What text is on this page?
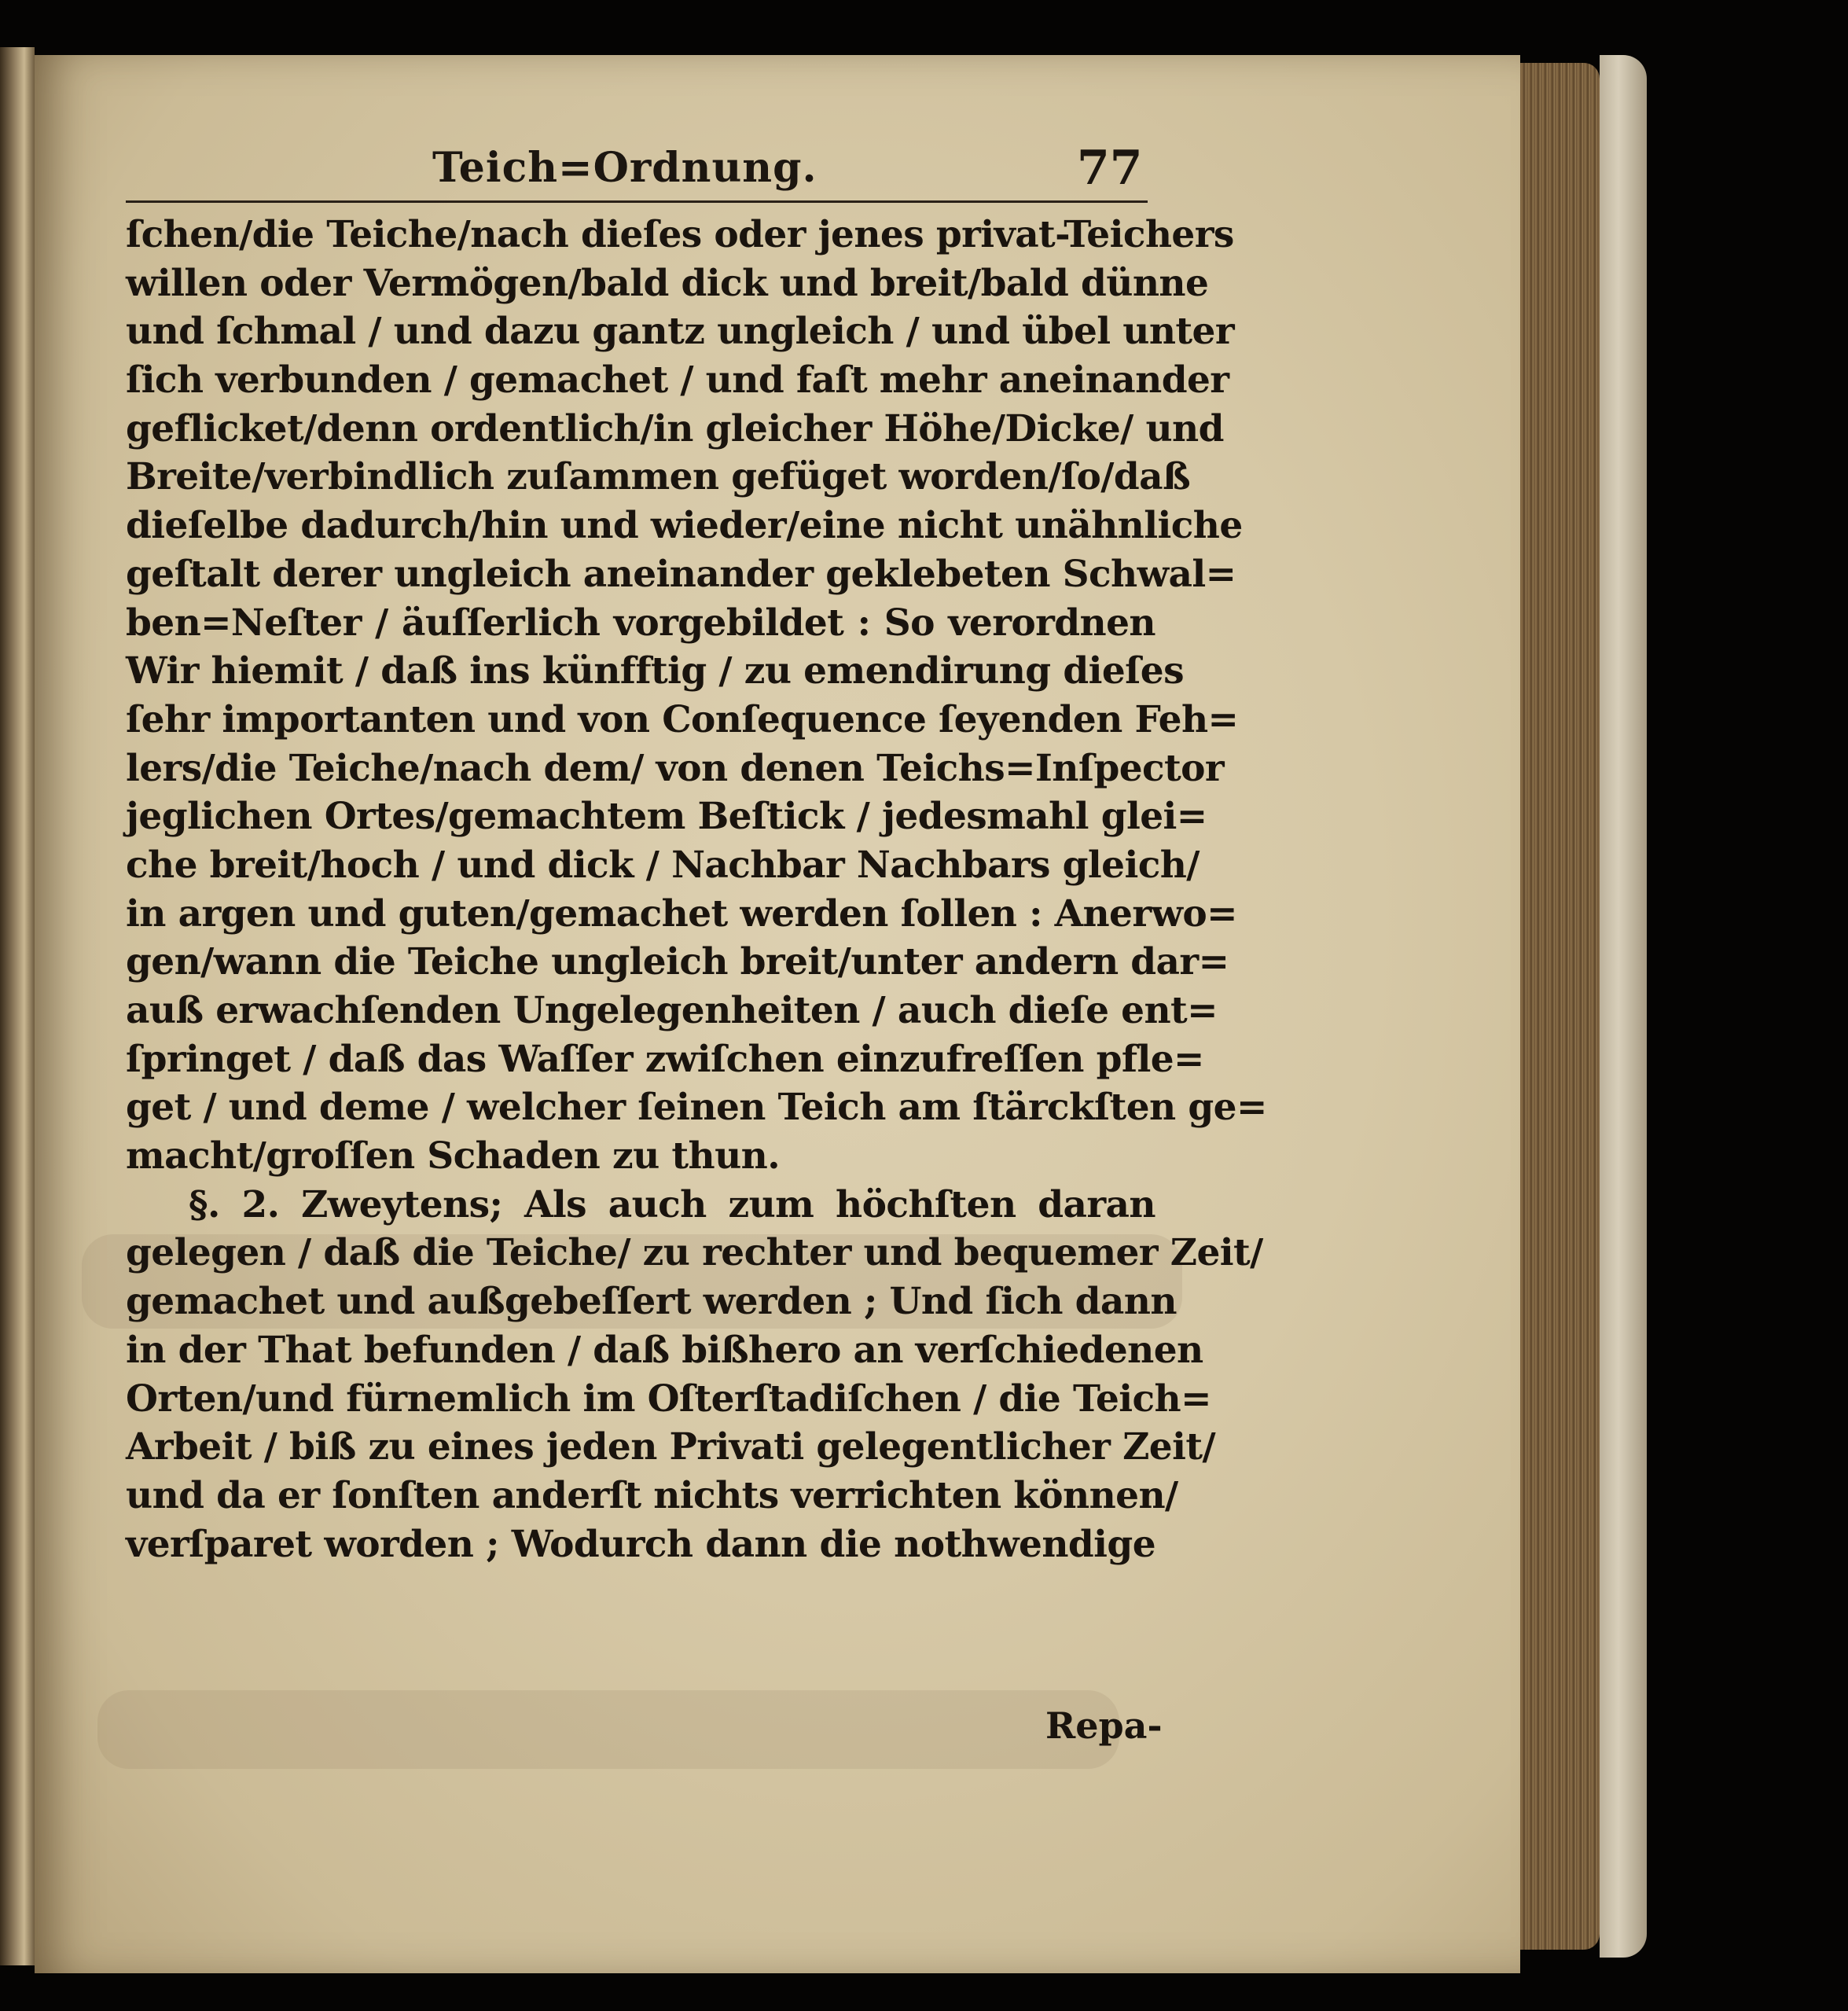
Teich=Ordnung.	77
ſchen/die Teiche/nach dieſes oder jenes privat-Teichers
willen oder Vermögen/bald dick und breit/bald dünne
und ſchmal / und dazu gantz ungleich / und übel unter
ſich verbunden / gemachet / und faſt mehr aneinander
geflicket/denn ordentlich/in gleicher Höhe/Dicke/ und
Breite/verbindlich zuſammen gefüget worden/ſo/daß
dieſelbe dadurch/hin und wieder/eine nicht unähnliche
geſtalt derer ungleich aneinander geklebeten Schwal=
ben=Neſter / äuſſerlich vorgebildet : So verordnen
Wir hiemit / daß ins künfftig / zu emendirung dieſes
ſehr importanten und von Conſequence ſeyenden Feh=
lers/die Teiche/nach dem/ von denen Teichs=Inſpector
jeglichen Ortes/gemachtem Beſtick / jedesmahl glei=
che breit/hoch / und dick / Nachbar Nachbars gleich/
in argen und guten/gemachet werden ſollen : Anerwo=
gen/wann die Teiche ungleich breit/unter andern dar=
auß erwachſenden Ungelegenheiten / auch dieſe ent=
ſpringet / daß das Waſſer zwiſchen einzufreſſen pfle=
get / und deme / welcher ſeinen Teich am ſtärckſten ge=
macht/groſſen Schaden zu thun.
§. 2. Zweytens; Als auch zum höchſten daran
gelegen / daß die Teiche/ zu rechter und bequemer Zeit/
gemachet und außgebeſſert werden ; Und ſich dann
in der That befunden / daß bißhero an verſchiedenen
Orten/und fürnemlich im Oſterſtadiſchen / die Teich=
Arbeit / biß zu eines jeden Privati gelegentlicher Zeit/
und da er ſonſten anderſt nichts verrichten können/
verſparet worden ; Wodurch dann die nothwendige
Repa-
